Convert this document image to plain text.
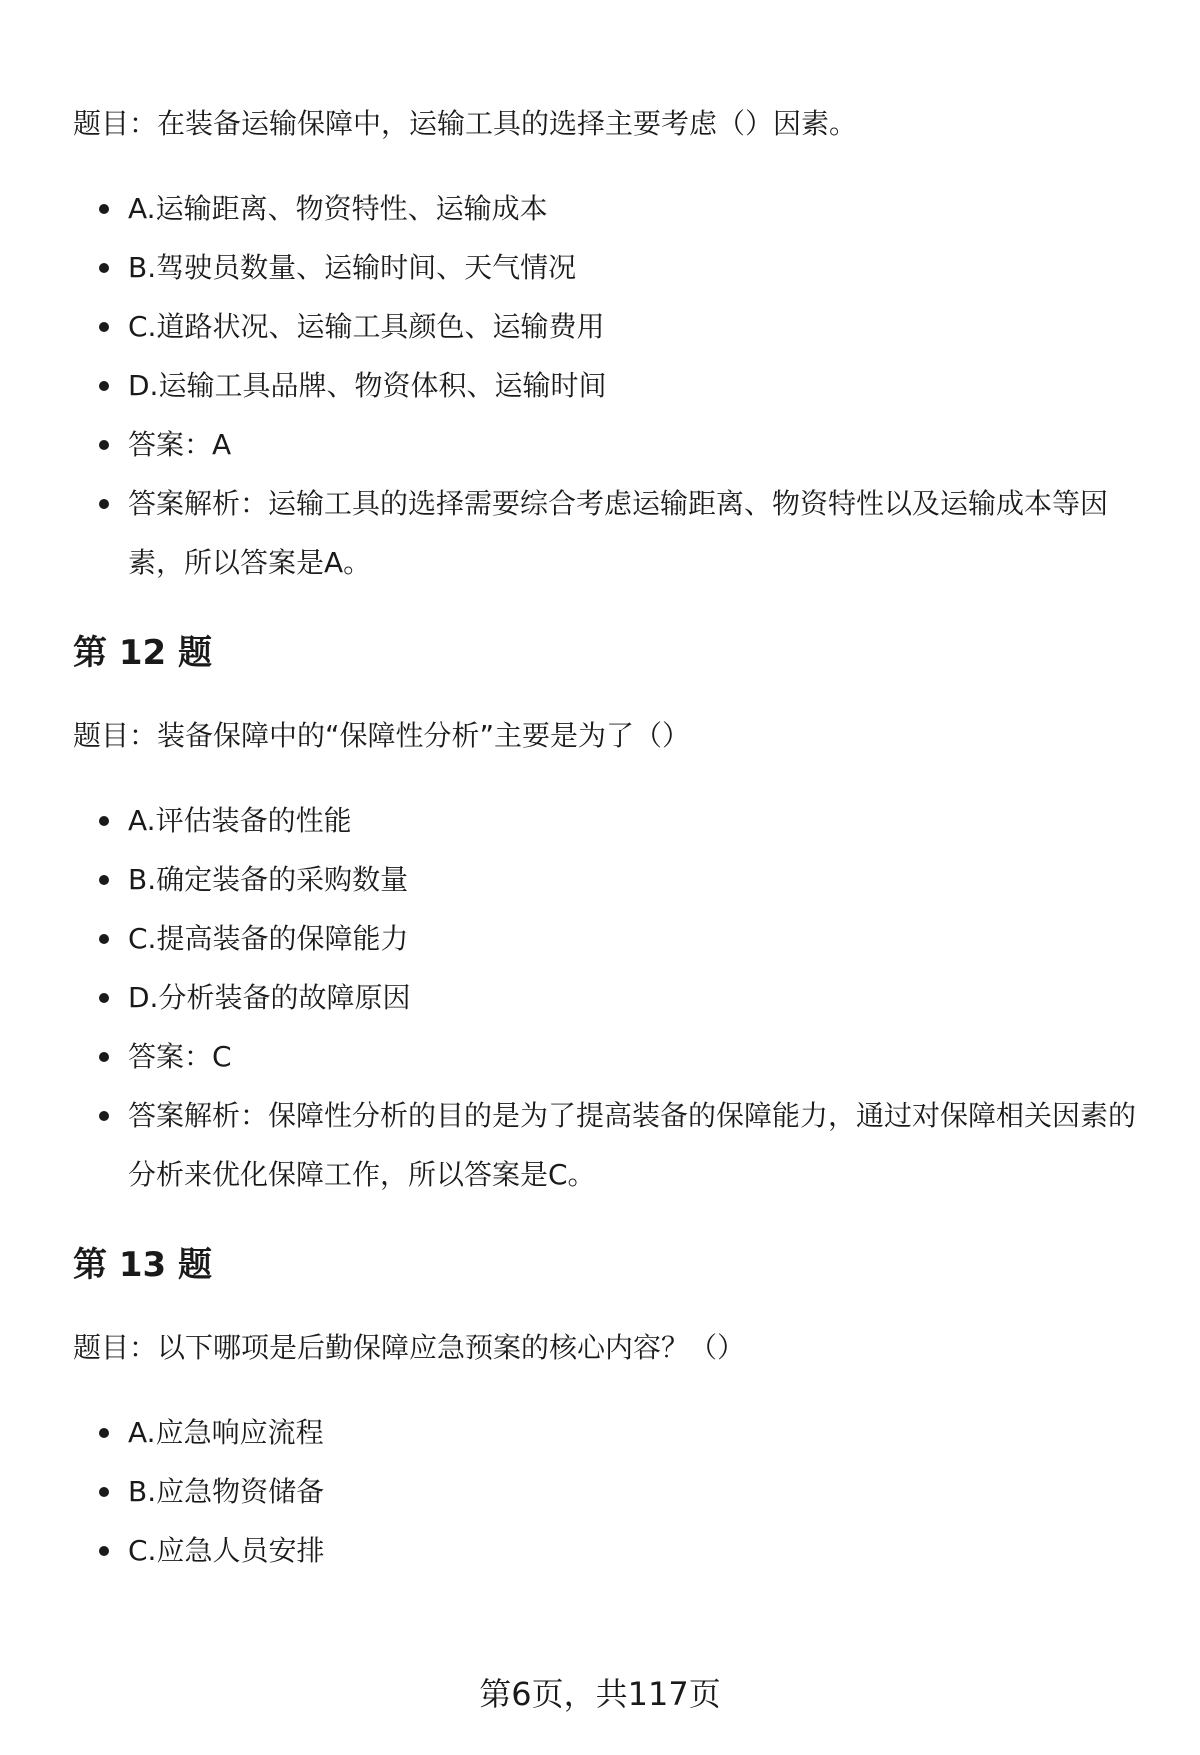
题目：在装备运输保障中，运输工具的选择主要考虑（）因素。

A.运输距离、物资特性、运输成本
B.驾驶员数量、运输时间、天气情况
C.道路状况、运输工具颜色、运输费用
D.运输工具品牌、物资体积、运输时间
答案：A
答案解析：运输工具的选择需要综合考虑运输距离、物资特性以及运输成本等因素，所以答案是A。
第 12 题

题目：装备保障中的“保障性分析”主要是为了（）

A.评估装备的性能
B.确定装备的采购数量
C.提高装备的保障能力
D.分析装备的故障原因
答案：C
答案解析：保障性分析的目的是为了提高装备的保障能力，通过对保障相关因素的分析来优化保障工作，所以答案是C。
第 13 题

题目：以下哪项是后勤保障应急预案的核心内容？（）

A.应急响应流程
B.应急物资储备
C.应急人员安排
第6页，共117页
